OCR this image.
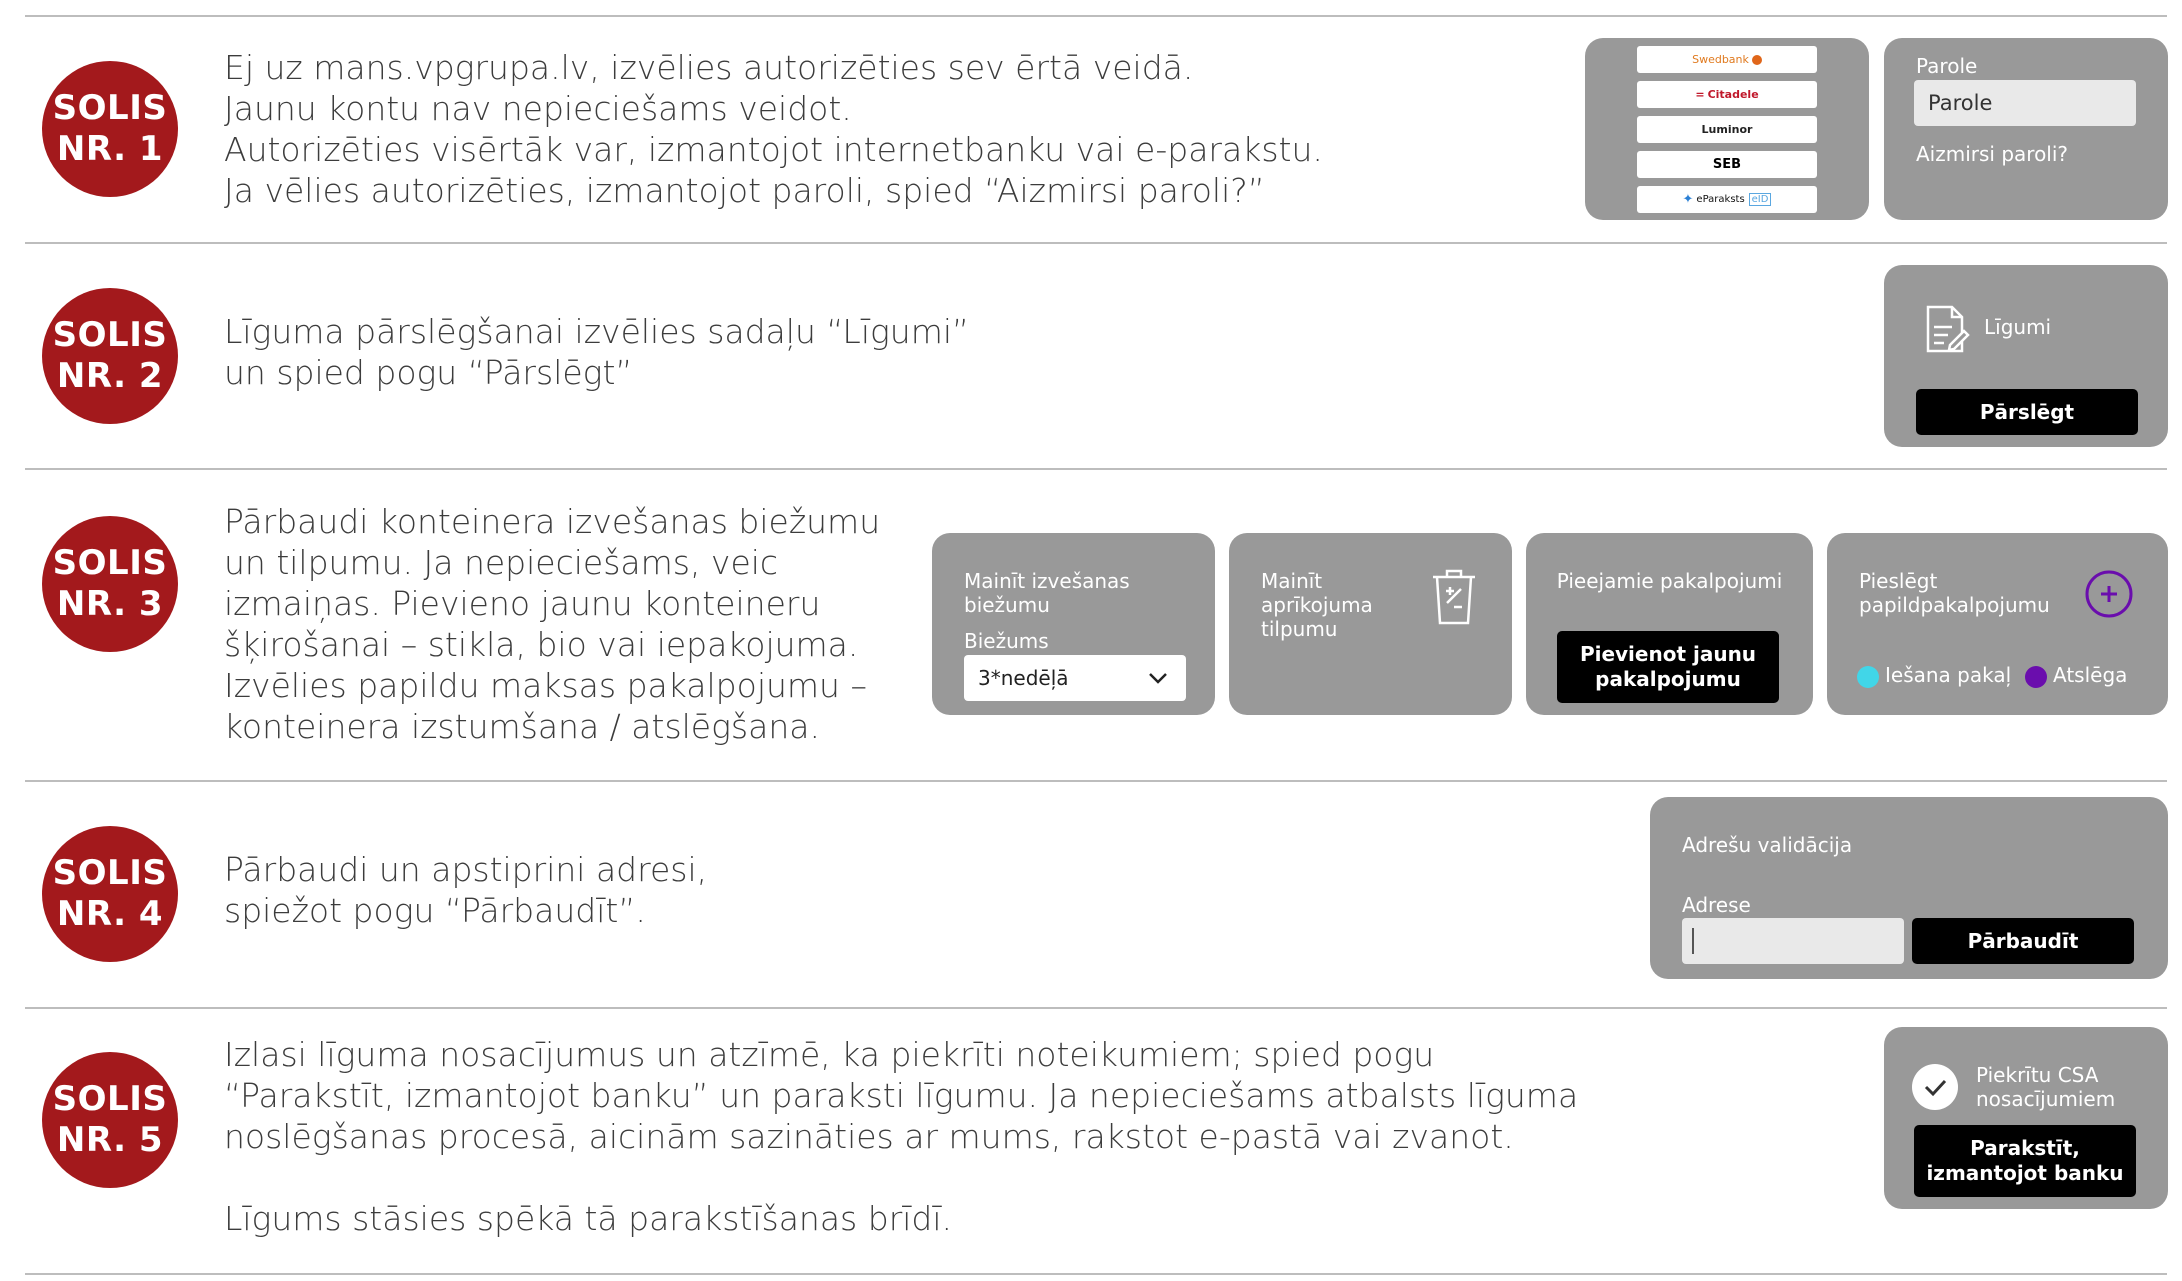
SOLIS
NR. 1

Ej uz mans.vpgrupa.lv, izvēlies autorizēties sev ērtā veidā.

Jaunu kontu nav nepieciešams veidot.

Autorizēties visērtāk var, izmantojot internetbanku vai e-parakstu.

Ja vēlies autorizēties, izmantojot paroli, spied “Aizmirsi paroli?”

Swedbank
= Citadele
Luminor
SEB
✦ eParaksts eID
Parole
Parole
Aizmirsi paroli?
SOLIS
NR. 2

Līguma pārslēgšanai izvēlies sadaļu “Līgumi”

un spied pogu “Pārslēgt”

Līgumi
Pārslēgt
SOLIS
NR. 3

Pārbaudi konteinera izvešanas biežumu

un tilpumu. Ja nepieciešams, veic

izmaiņas. Pievieno jaunu konteineru

šķirošanai – stikla, bio vai iepakojuma.

Izvēlies papildu maksas pakalpojumu –

konteinera izstumšana / atslēgšana.

Mainīt izvešanas biežumu
Biežums
3*nedēļā
Mainīt aprīkojuma tilpumu
Pieejamie pakalpojumi
Pievienot jaunu pakalpojumu
Pieslēgt papildpakalpojumu
Iešana pakaļ	Atslēga
SOLIS
NR. 4

Pārbaudi un apstiprini adresi,

spiežot pogu “Pārbaudīt”.

Adrešu validācija
Adrese
Pārbaudīt
SOLIS
NR. 5

Izlasi līguma nosacījumus un atzīmē, ka piekrīti noteikumiem; spied pogu

“Parakstīt, izmantojot banku” un paraksti līgumu. Ja nepieciešams atbalsts līguma

noslēgšanas procesā, aicinām sazināties ar mums, rakstot e-pastā vai zvanot.

Līgums stāsies spēkā tā parakstīšanas brīdī.

Piekrītu CSA nosacījumiem
Parakstīt, izmantojot banku
